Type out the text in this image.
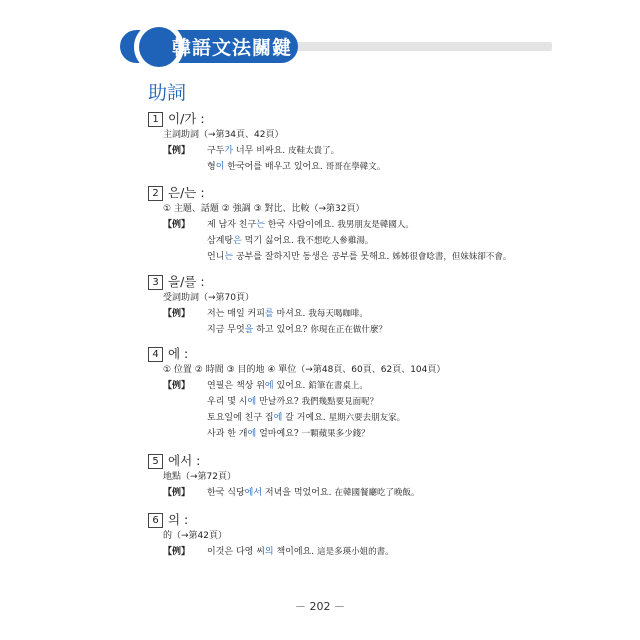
韓語文法關鍵
助詞
1 이/가 :
主詞助詞（→第34頁、42頁）
【例】 구두가 너무 비싸요. 皮鞋太貴了。
형이 한국어를 배우고 있어요. 哥哥在學韓文。
2 은/는 :
① 主題、話題 ② 強調 ③ 對比、比較（→第32頁）
【例】 제 남자 친구는 한국 사람이에요. 我男朋友是韓國人。
삼계탕은 먹기 싫어요. 我不想吃人參雞湯。
언니는 공부를 잘하지만 동생은 공부를 못해요. 姊姊很會唸書，但妹妹卻不會。
3 을/를 :
受詞助詞（→第70頁）
【例】 저는 매일 커피를 마셔요. 我每天喝咖啡。
지금 무엇을 하고 있어요? 你現在正在做什麼？
4 에 :
① 位置 ② 時間 ③ 目的地 ④ 單位（→第48頁、60頁、62頁、104頁）
【例】 연필은 책상 위에 있어요. 鉛筆在書桌上。
우리 몇 시에 만날까요? 我們幾點要見面呢？
토요일에 친구 집에 갈 거예요. 星期六要去朋友家。
사과 한 개에 얼마예요? 一顆蘋果多少錢？
5 에서 :
地點（→第72頁）
【例】 한국 식당에서 저녁을 먹었어요. 在韓國餐廳吃了晚飯。
6 의 :
的（→第42頁）
【例】 이것은 다영 씨의 책이에요. 這是多瑛小姐的書。
－ 202 －
